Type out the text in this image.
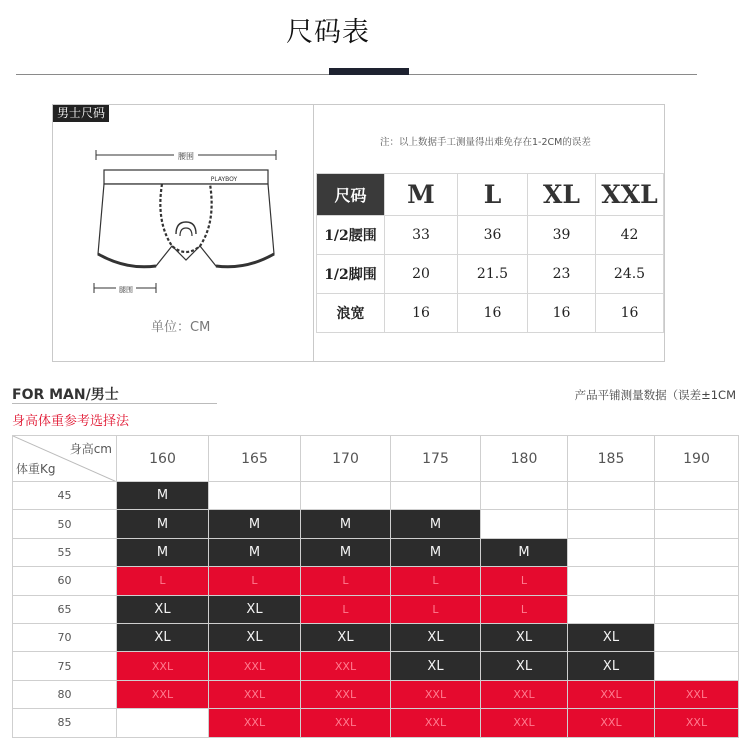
尺码表
男士尺码
腰围
PLAYBOY
腿围
单位：CM
注：以上数据手工测量得出难免存在1-2CM的误差
尺码	M	L	XL	XXL
1/2腰围	33	36	39	42
1/2脚围	20	21.5	23	24.5
浪宽	16	16	16	16
FOR MAN/男士
身高体重参考选择法
产品平铺测量数据（误差±1CM
身高cm
体重Kg	160	165	170	175	180	185	190
45	M						
50	M	M	M	M			
55	M	M	M	M	M		
60	L	L	L	L	L		
65	XL	XL	L	L	L		
70	XL	XL	XL	XL	XL	XL	
75	XXL	XXL	XXL	XL	XL	XL	
80	XXL	XXL	XXL	XXL	XXL	XXL	XXL
85		XXL	XXL	XXL	XXL	XXL	XXL
